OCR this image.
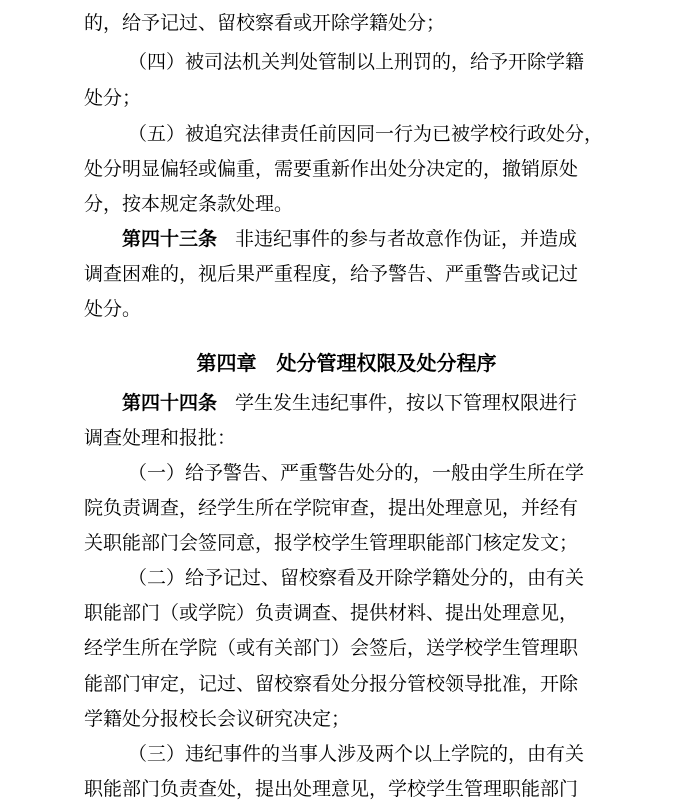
的，给予记过、留校察看或开除学籍处分；
（四）被司法机关判处管制以上刑罚的，给予开除学籍
处分；
（五）被追究法律责任前因同一行为已被学校行政处分，
处分明显偏轻或偏重，需要重新作出处分决定的，撤销原处
分，按本规定条款处理。
第四十三条 非违纪事件的参与者故意作伪证，并造成
调查困难的，视后果严重程度，给予警告、严重警告或记过
处分。
第四章　处分管理权限及处分程序
第四十四条 学生发生违纪事件，按以下管理权限进行
调查处理和报批：
（一）给予警告、严重警告处分的，一般由学生所在学
院负责调查，经学生所在学院审查，提出处理意见，并经有
关职能部门会签同意，报学校学生管理职能部门核定发文；
（二）给予记过、留校察看及开除学籍处分的，由有关
职能部门（或学院）负责调查、提供材料、提出处理意见，
经学生所在学院（或有关部门）会签后，送学校学生管理职
能部门审定，记过、留校察看处分报分管校领导批准，开除
学籍处分报校长会议研究决定；
（三）违纪事件的当事人涉及两个以上学院的，由有关
职能部门负责查处，提出处理意见，学校学生管理职能部门
